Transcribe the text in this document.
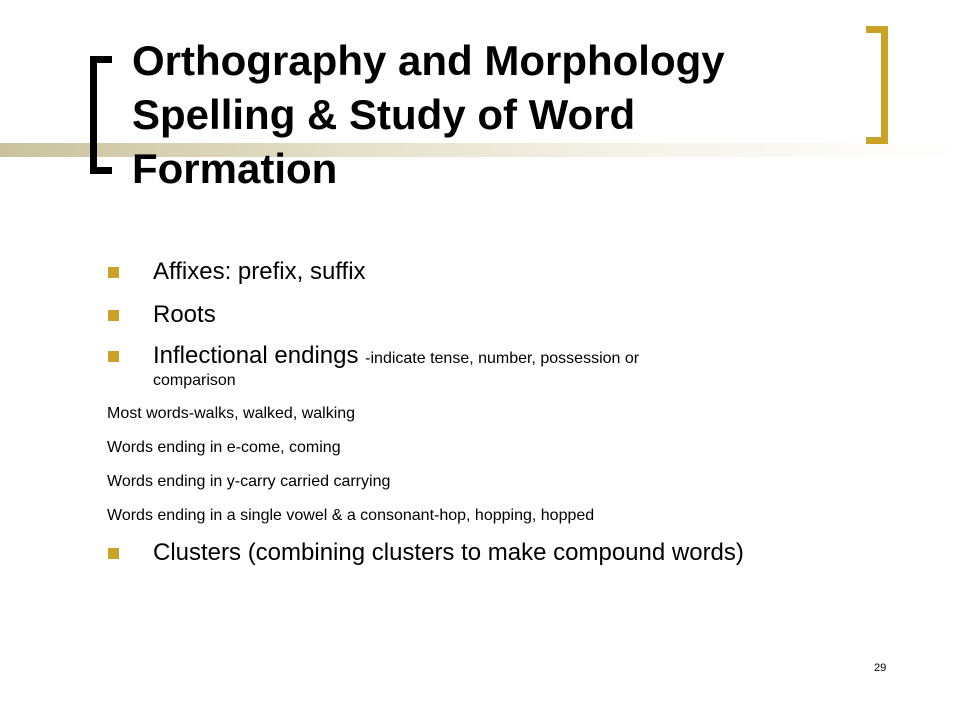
Orthography and Morphology
Spelling & Study of Word
Formation
Affixes: prefix, suffix
Roots
Inflectional endings -indicate tense, number, possession or
comparison
Most words-walks, walked, walking
Words ending in e-come, coming
Words ending in y-carry carried carrying
Words ending in a single vowel & a consonant-hop, hopping, hopped
Clusters (combining clusters to make compound words)
29
